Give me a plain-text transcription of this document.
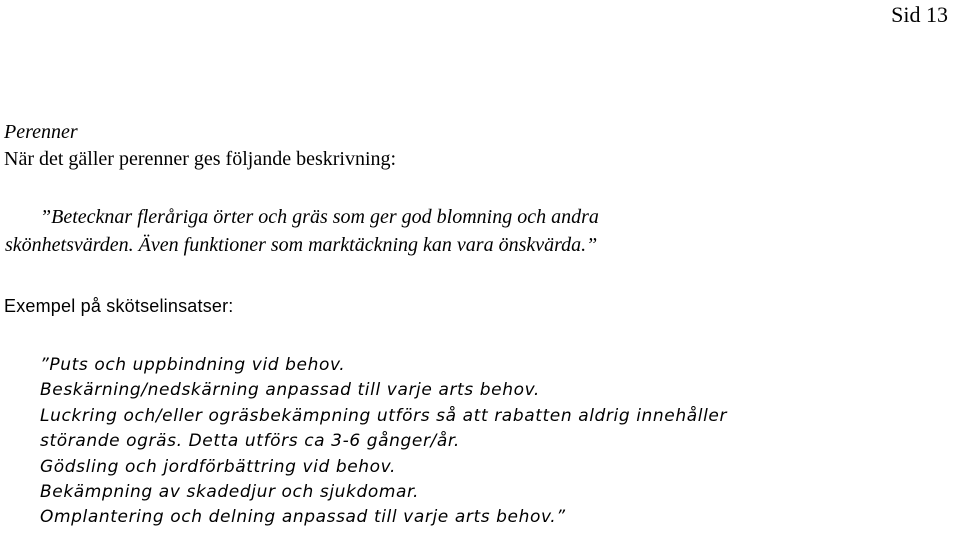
Sid 13

Perenner

När det gäller perenner ges följande beskrivning:

”Betecknar fleråriga örter och gräs som ger god blomning och andra
skönhetsvärden. Även funktioner som marktäckning kan vara önskvärda.”
Exempel på skötselinsatser:
”Puts och uppbindning vid behov.
Beskärning/nedskärning anpassad till varje arts behov.
Luckring och/eller ogräsbekämpning utförs så att rabatten aldrig innehåller
störande ogräs. Detta utförs ca 3-6 gånger/år.
Gödsling och jordförbättring vid behov.
Bekämpning av skadedjur och sjukdomar.
Omplantering och delning anpassad till varje arts behov.”
